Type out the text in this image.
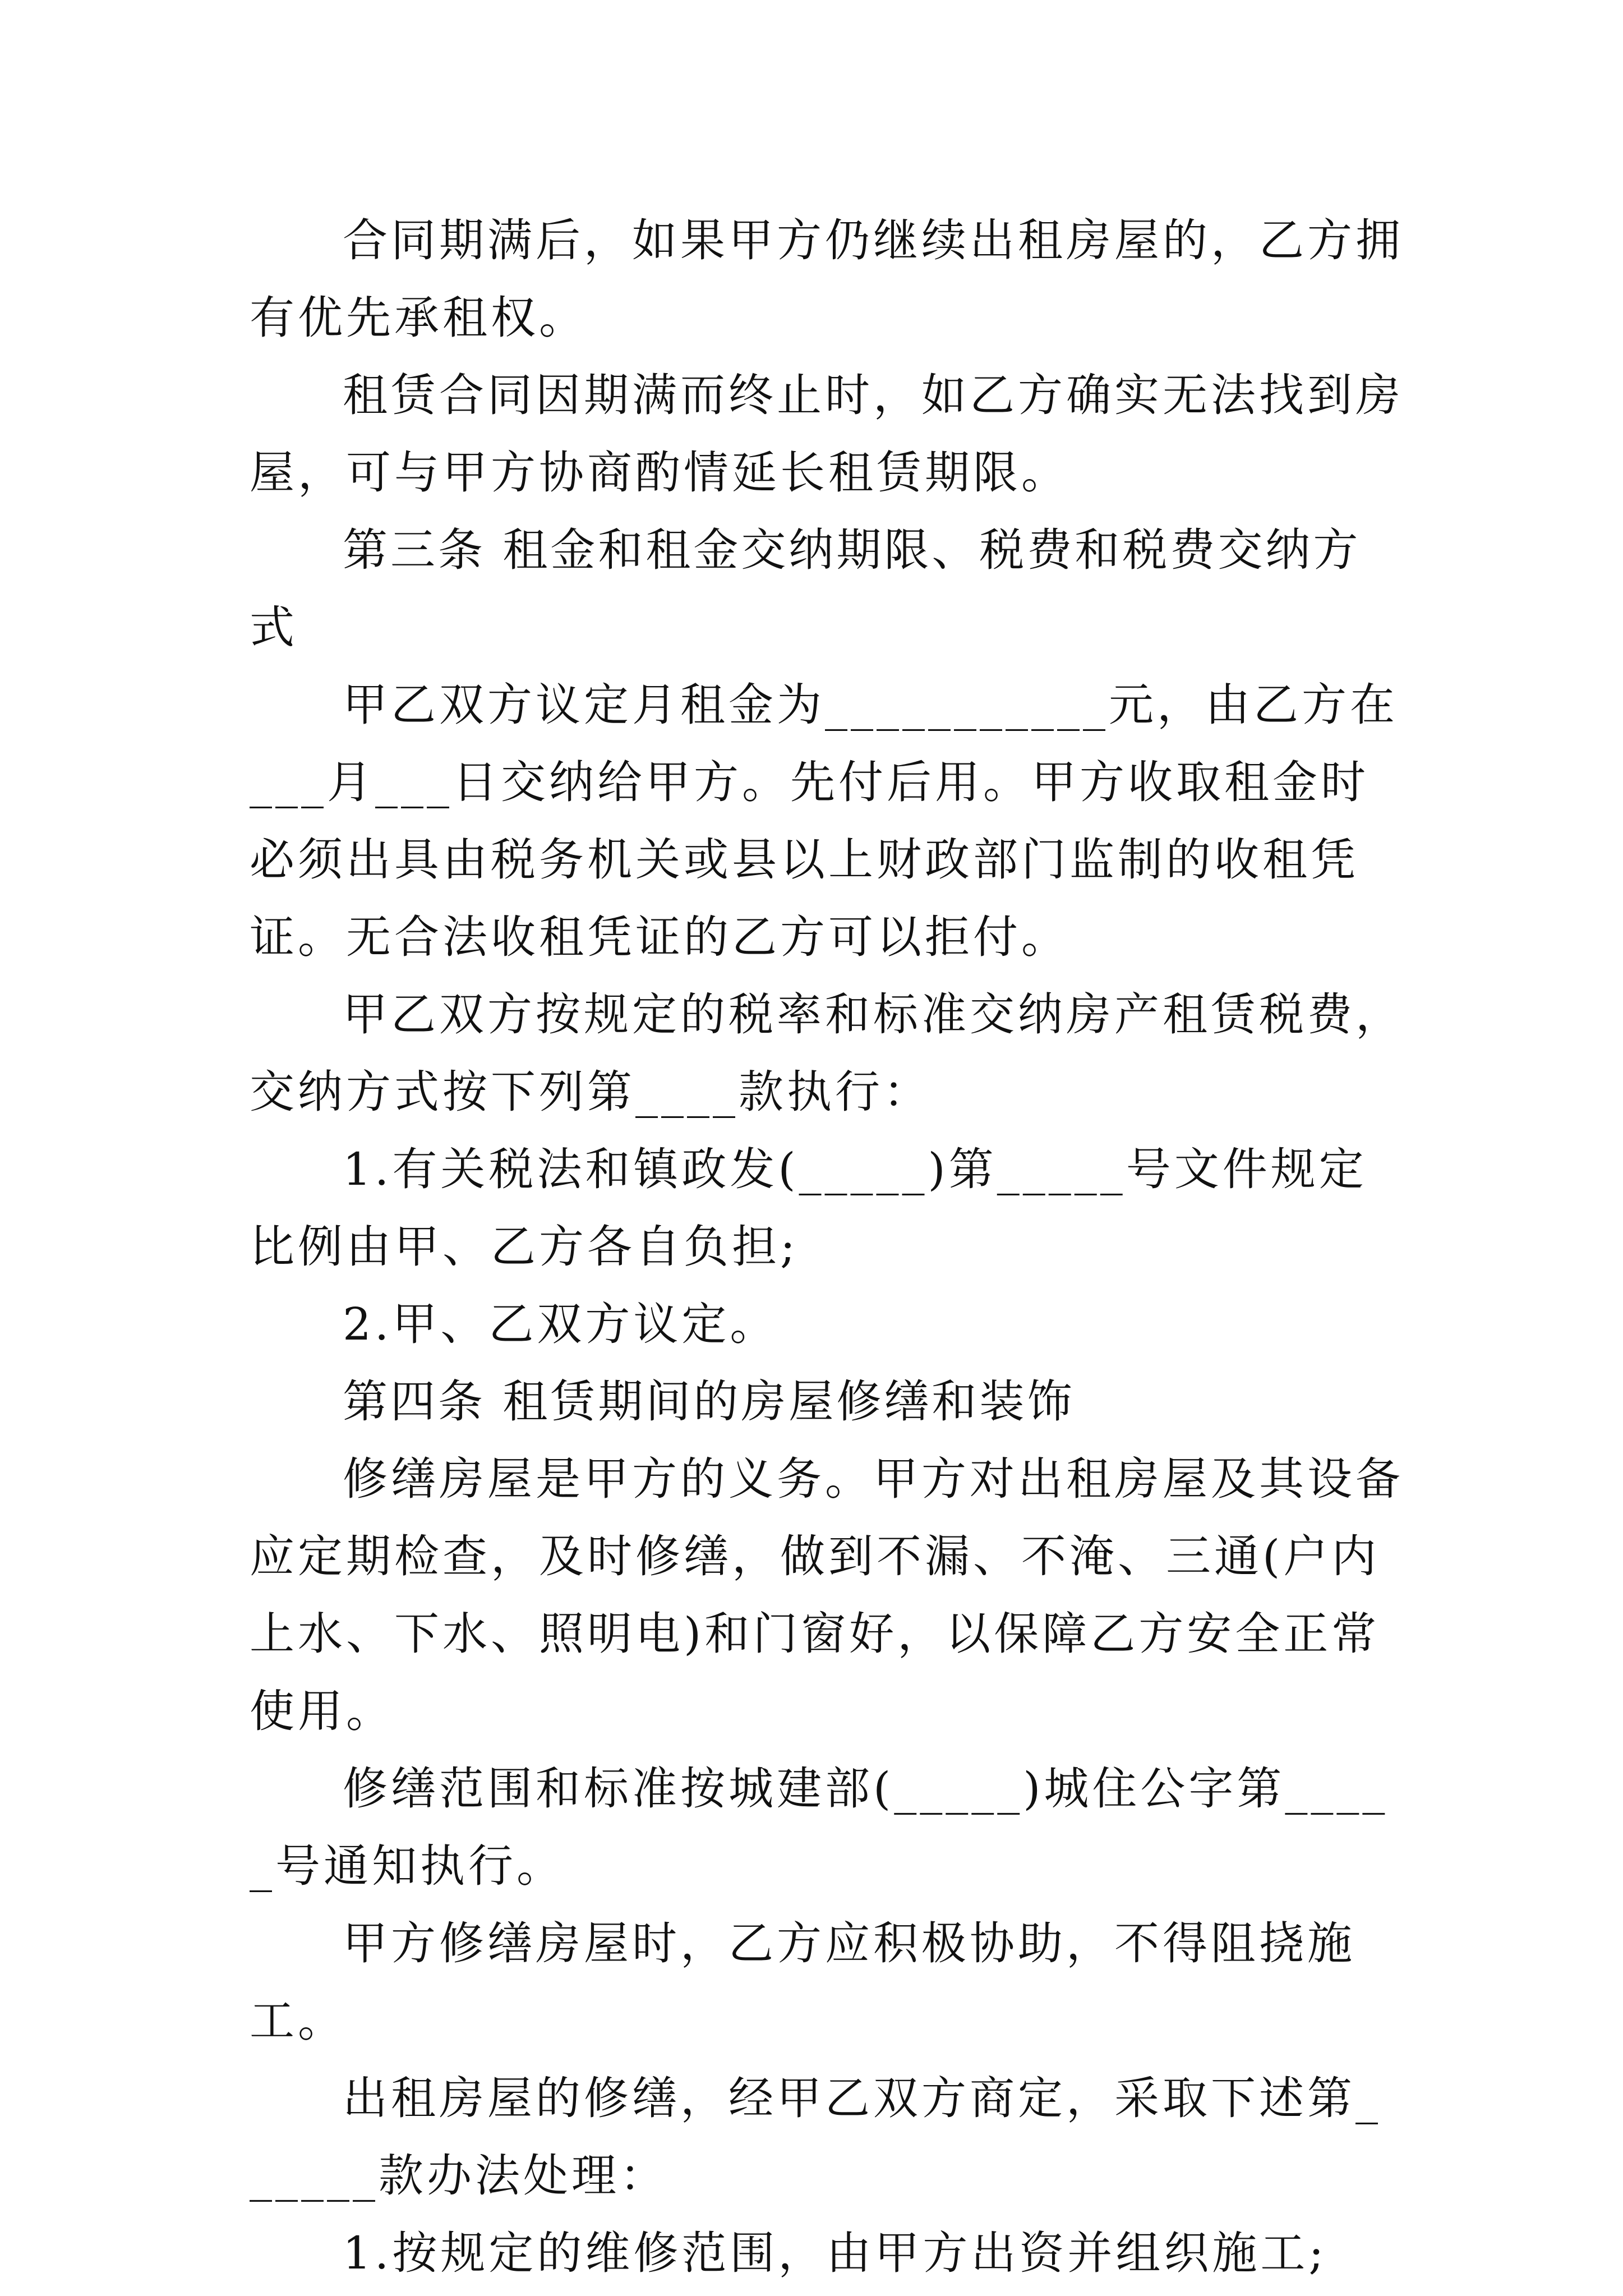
合同期满后，如果甲方仍继续出租房屋的，乙方拥有优先承租权。

租赁合同因期满而终止时，如乙方确实无法找到房屋，可与甲方协商酌情延长租赁期限。

第三条 租金和租金交纳期限、税费和税费交纳方式

甲乙双方议定月租金为___________元，由乙方在___月___日交纳给甲方。先付后用。甲方收取租金时必须出具由税务机关或县以上财政部门监制的收租凭证。无合法收租凭证的乙方可以拒付。

甲乙双方按规定的税率和标准交纳房产租赁税费，交纳方式按下列第____款执行：

1.有关税法和镇政发(_____)第_____号文件规定比例由甲、乙方各自负担;

2.甲、乙双方议定。

第四条 租赁期间的房屋修缮和装饰

修缮房屋是甲方的义务。甲方对出租房屋及其设备应定期检查，及时修缮，做到不漏、不淹、三通(户内上水、下水、照明电)和门窗好，以保障乙方安全正常使用。

修缮范围和标准按城建部(_____)城住公字第_____号通知执行。

甲方修缮房屋时，乙方应积极协助，不得阻挠施工。

出租房屋的修缮，经甲乙双方商定，采取下述第______款办法处理：

1.按规定的维修范围，由甲方出资并组织施工;
